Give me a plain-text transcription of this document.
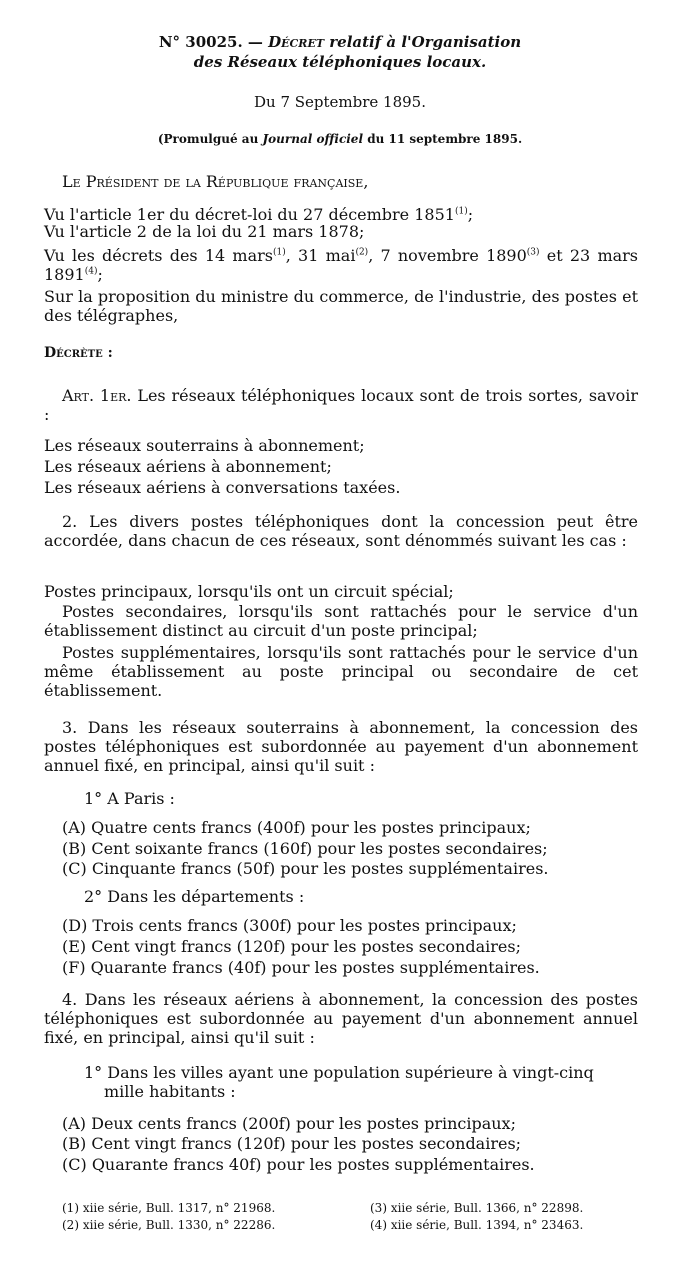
N° 30025. — Décret relatif à l'Organisation
des Réseaux téléphoniques locaux.
Du 7 Septembre 1895.
(Promulgué au Journal officiel du 11 septembre 1895.
Le Président de la République française,
Vu l'article 1er du décret-loi du 27 décembre 1851$^{(1)}$;
Vu l'article 2 de la loi du 21 mars 1878;
Vu les décrets des 14 mars$^{(1)}$, 31 mai$^{(2)}$, 7 novembre 1890$^{(3)}$ et 23 mars
1891$^{(4)}$;
Sur la proposition du ministre du commerce, de l'industrie, des postes et des télégraphes,
Décrète :
Art. 1er. Les réseaux téléphoniques locaux sont de trois sortes, savoir :
Les réseaux souterrains à abonnement;
Les réseaux aériens à abonnement;
Les réseaux aériens à conversations taxées.
2. Les divers postes téléphoniques dont la concession peut être accordée, dans chacun de ces réseaux, sont dénommés suivant les cas :
Postes principaux, lorsqu'ils ont un circuit spécial;
Postes secondaires, lorsqu'ils sont rattachés pour le service d'un établissement distinct au circuit d'un poste principal;
Postes supplémentaires, lorsqu'ils sont rattachés pour le service d'un même établissement au poste principal ou secondaire de cet établissement.
3. Dans les réseaux souterrains à abonnement, la concession des postes téléphoniques est subordonnée au payement d'un abonnement annuel fixé, en principal, ainsi qu'il suit :
1° A Paris :
(A) Quatre cents francs (400f) pour les postes principaux;
(B) Cent soixante francs (160f) pour les postes secondaires;
(C) Cinquante francs (50f) pour les postes supplémentaires.
2° Dans les départements :
(D) Trois cents francs (300f) pour les postes principaux;
(E) Cent vingt francs (120f) pour les postes secondaires;
(F) Quarante francs (40f) pour les postes supplémentaires.
4. Dans les réseaux aériens à abonnement, la concession des postes téléphoniques est subordonnée au payement d'un abonnement annuel fixé, en principal, ainsi qu'il suit :
1° Dans les villes ayant une population supérieure à vingt-cinq mille habitants :
(A) Deux cents francs (200f) pour les postes principaux;
(B) Cent vingt francs (120f) pour les postes secondaires;
(C) Quarante francs 40f) pour les postes supplémentaires.
(1) xiie série, Bull. 1317, n° 21968.
(2) xiie série, Bull. 1330, n° 22286.
(3) xiie série, Bull. 1366, n° 22898.
(4) xiie série, Bull. 1394, n° 23463.
